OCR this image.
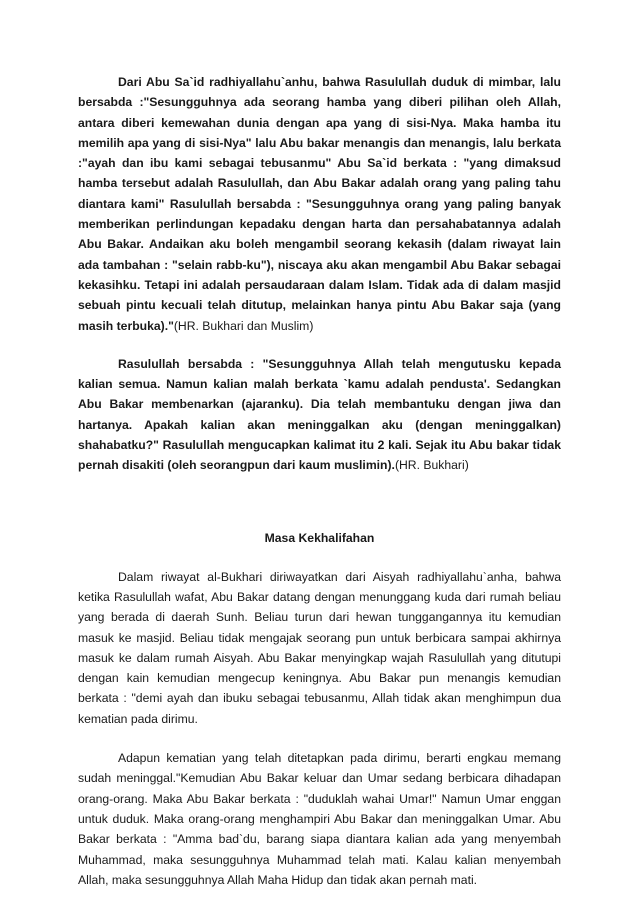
Dari Abu Sa`id radhiyallahu`anhu, bahwa Rasulullah duduk di mimbar, lalu bersabda :"Sesungguhnya ada seorang hamba yang diberi pilihan oleh Allah, antara diberi kemewahan dunia dengan apa yang di sisi-Nya. Maka hamba itu memilih apa yang di sisi-Nya" lalu Abu bakar menangis dan menangis, lalu berkata :"ayah dan ibu kami sebagai tebusanmu" Abu Sa`id berkata : "yang dimaksud hamba tersebut adalah Rasulullah, dan Abu Bakar adalah orang yang paling tahu diantara kami" Rasulullah bersabda : "Sesungguhnya orang yang paling banyak memberikan perlindungan kepadaku dengan harta dan persahabatannya adalah Abu Bakar. Andaikan aku boleh mengambil seorang kekasih (dalam riwayat lain ada tambahan : "selain rabb-ku"), niscaya aku akan mengambil Abu Bakar sebagai kekasihku. Tetapi ini adalah persaudaraan dalam Islam. Tidak ada di dalam masjid sebuah pintu kecuali telah ditutup, melainkan hanya pintu Abu Bakar saja (yang masih terbuka)."(HR. Bukhari dan Muslim)

Rasulullah bersabda : "Sesungguhnya Allah telah mengutusku kepada kalian semua. Namun kalian malah berkata `kamu adalah pendusta'. Sedangkan Abu Bakar membenarkan (ajaranku). Dia telah membantuku dengan jiwa dan hartanya. Apakah kalian akan meninggalkan aku (dengan meninggalkan) shahabatku?" Rasulullah mengucapkan kalimat itu 2 kali. Sejak itu Abu bakar tidak pernah disakiti (oleh seorangpun dari kaum muslimin).(HR. Bukhari)

Masa Kekhalifahan

Dalam riwayat al-Bukhari diriwayatkan dari Aisyah radhiyallahu`anha, bahwa ketika Rasulullah wafat, Abu Bakar datang dengan menunggang kuda dari rumah beliau yang berada di daerah Sunh. Beliau turun dari hewan tunggangannya itu kemudian masuk ke masjid. Beliau tidak mengajak seorang pun untuk berbicara sampai akhirnya masuk ke dalam rumah Aisyah. Abu Bakar menyingkap wajah Rasulullah yang ditutupi dengan kain kemudian mengecup keningnya. Abu Bakar pun menangis kemudian berkata : "demi ayah dan ibuku sebagai tebusanmu, Allah tidak akan menghimpun dua kematian pada dirimu.

Adapun kematian yang telah ditetapkan pada dirimu, berarti engkau memang sudah meninggal."Kemudian Abu Bakar keluar dan Umar sedang berbicara dihadapan orang-orang. Maka Abu Bakar berkata : "duduklah wahai Umar!" Namun Umar enggan untuk duduk. Maka orang-orang menghampiri Abu Bakar dan meninggalkan Umar. Abu Bakar berkata : "Amma bad`du, barang siapa diantara kalian ada yang menyembah Muhammad, maka sesungguhnya Muhammad telah mati. Kalau kalian menyembah Allah, maka sesungguhnya Allah Maha Hidup dan tidak akan pernah mati.
